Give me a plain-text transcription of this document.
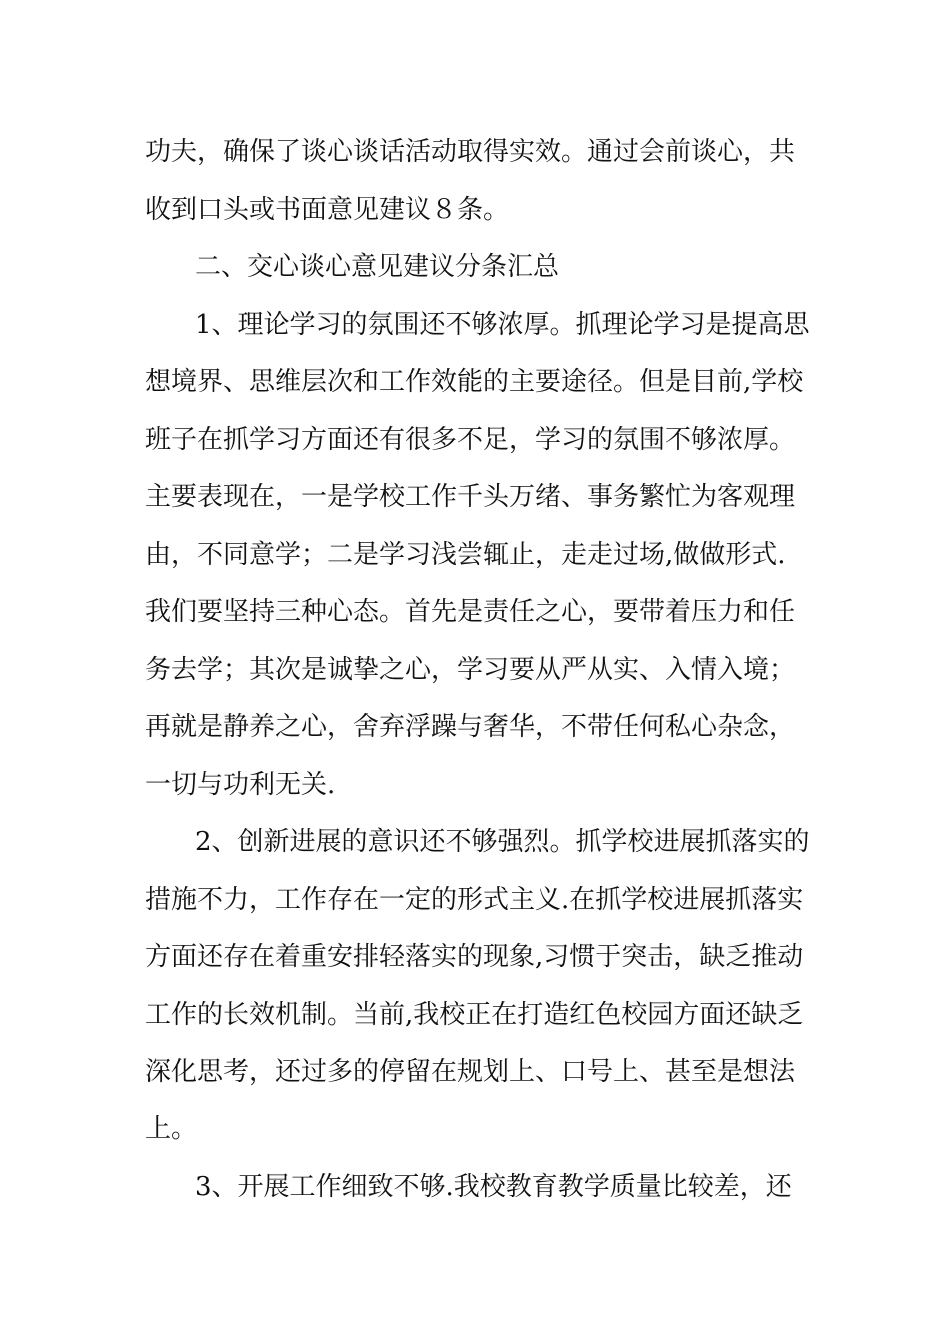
功夫，确保了谈心谈话活动取得实效。通过会前谈心，共
收到口头或书面意见建议８条。
二、交心谈心意见建议分条汇总
1、理论学习的氛围还不够浓厚。抓理论学习是提高思
想境界、思维层次和工作效能的主要途径。但是目前,学校
班子在抓学习方面还有很多不足，学习的氛围不够浓厚。
主要表现在，一是学校工作千头万绪、事务繁忙为客观理
由，不同意学；二是学习浅尝辄止，走走过场,做做形式.
我们要坚持三种心态。首先是责任之心，要带着压力和任
务去学；其次是诚挚之心，学习要从严从实、入情入境；
再就是静养之心，舍弃浮躁与奢华，不带任何私心杂念，
一切与功利无关.
2、创新进展的意识还不够强烈。抓学校进展抓落实的
措施不力，工作存在一定的形式主义.在抓学校进展抓落实
方面还存在着重安排轻落实的现象,习惯于突击，缺乏推动
工作的长效机制。当前,我校正在打造红色校园方面还缺乏
深化思考，还过多的停留在规划上、口号上、甚至是想法
上。
3、开展工作细致不够.我校教育教学质量比较差，还
